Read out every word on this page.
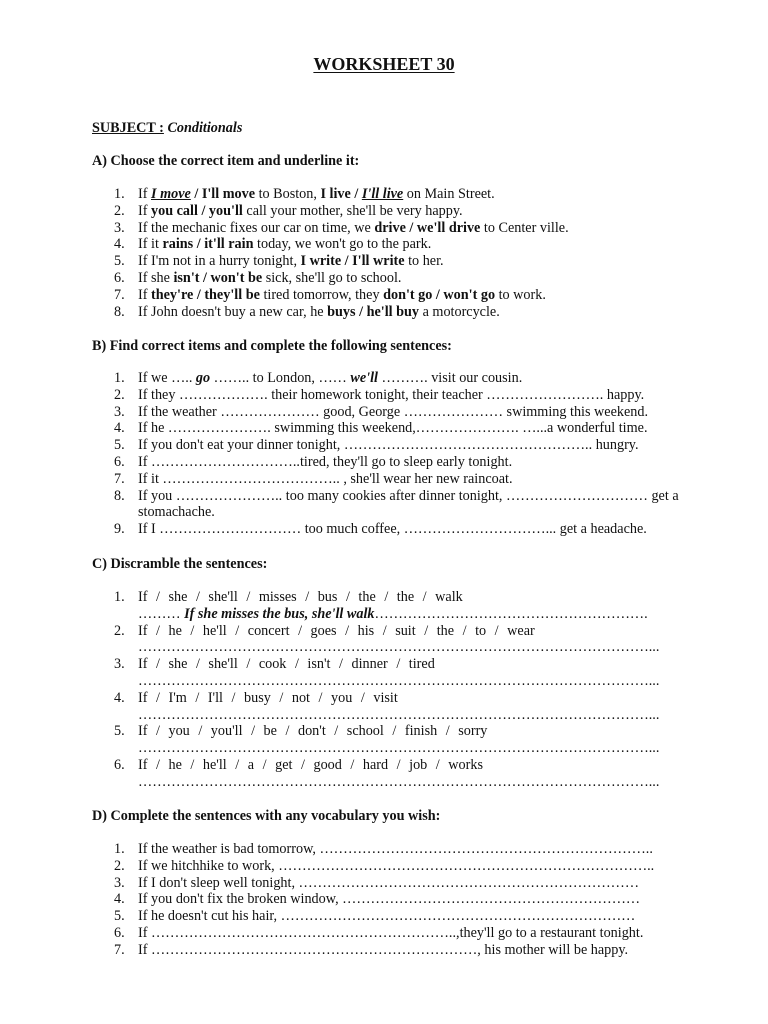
WORKSHEET 30
SUBJECT : Conditionals
A) Choose the correct item and underline it:
1. If I move / I'll move to Boston, I live / I'll live on Main Street.
2. If you call / you'll call your mother, she'll be very happy.
3. If the mechanic fixes our car on time, we drive / we'll drive to Center ville.
4. If it rains / it'll rain today, we won't go to the park.
5. If I'm not in a hurry tonight, I write / I'll write to her.
6. If she isn't / won't be sick, she'll go to school.
7. If they're / they'll be tired tomorrow, they don't go / won't go to work.
8. If John doesn't buy a new car, he buys / he'll buy a motorcycle.
B) Find correct items and complete the following sentences:
1. If we ….. go …….. to London, …… we'll ………. visit our cousin.
2. If they ………………. their homework tonight, their teacher ……………………. happy.
3. If the weather ………………… good, George ………………… swimming this weekend.
4. If he …………………. swimming this weekend,…………………. …...a wonderful time.
5. If you don't eat your dinner tonight, …………………………………………….. hungry.
6. If …………………………..tired, they'll go to sleep early tonight.
7. If it ……………………………….. , she'll wear her new raincoat.
8. If you ………………….. too many cookies after dinner tonight, ………………………… get a stomachache.
9. If I ………………………… too much coffee, …………………………... get a headache.
C) Discramble the sentences:
1. If / she / she'll / misses / bus / the / the / walk
……… If she misses the bus, she'll walk………………………………………………….
2. If / he / he'll / concert / goes / his / suit / the / to / wear
………………………………………………………………………………………………...
3. If / she / she'll / cook / isn't / dinner / tired
………………………………………………………………………………………………...
4. If / I'm / I'll / busy / not / you / visit
………………………………………………………………………………………………...
5. If / you / you'll / be / don't / school / finish / sorry
………………………………………………………………………………………………...
6. If / he / he'll / a / get / good / hard / job / works
………………………………………………………………………………………………...
D) Complete the sentences with any vocabulary you wish:
1. If the weather is bad tomorrow, ……………………………………………………………..
2. If we hitchhike to work, ……………………………………………………………………..
3. If I don't sleep well tonight, ………………………………………………………………
4. If you don't fix the broken window, ………………………………………………………
5. If he doesn't cut his hair, …………………………………………………………………
6. If ………………………………………………………..,they'll go to a restaurant tonight.
7. If ……………………………………………………………, his mother will be happy.
